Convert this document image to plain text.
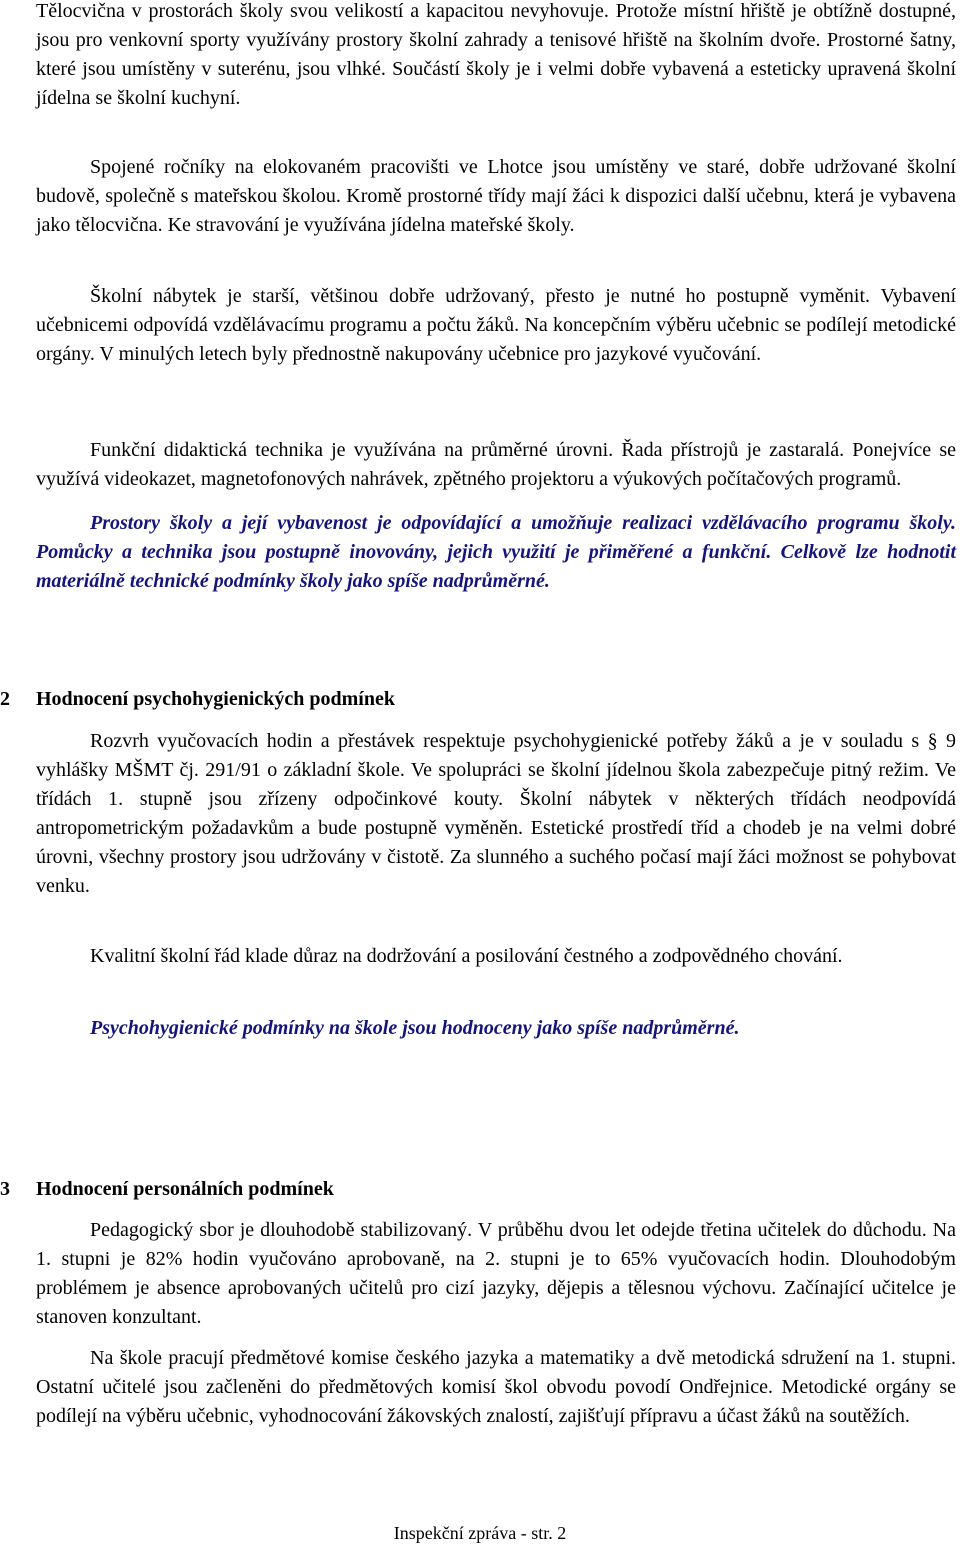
Tělocvična v prostorách školy svou velikostí a kapacitou nevyhovuje. Protože místní hřiště je obtížně dostupné, jsou pro venkovní sporty využívány prostory školní zahrady a tenisové hřiště na školním dvoře. Prostorné šatny, které jsou umístěny v suterénu, jsou vlhké. Součástí školy je i velmi dobře vybavená a esteticky upravená školní jídelna se školní kuchyní.

Spojené ročníky na elokovaném pracovišti ve Lhotce jsou umístěny ve staré, dobře udržované školní budově, společně s mateřskou školou. Kromě prostorné třídy mají žáci k dispozici další učebnu, která je vybavena jako tělocvična. Ke stravování je využívána jídelna mateřské školy.

Školní nábytek je starší, většinou dobře udržovaný, přesto je nutné ho postupně vyměnit. Vybavení učebnicemi odpovídá vzdělávacímu programu a počtu žáků. Na koncepčním výběru učebnic se podílejí metodické orgány. V minulých letech byly přednostně nakupovány učebnice pro jazykové vyučování.

Funkční didaktická technika je využívána na průměrné úrovni. Řada přístrojů je zastaralá. Ponejvíce se využívá videokazet, magnetofonových nahrávek, zpětného projektoru a výukových počítačových programů.

Prostory školy a její vybavenost je odpovídající a umožňuje realizaci vzdělávacího programu školy. Pomůcky a technika jsou postupně inovovány, jejich využití je přiměřené a funkční. Celkově lze hodnotit materiálně technické podmínky školy jako spíše nadprůměrné.

2 Hodnocení psychohygienických podmínek

Rozvrh vyučovacích hodin a přestávek respektuje psychohygienické potřeby žáků a je v souladu s § 9 vyhlášky MŠMT čj. 291/91 o základní škole. Ve spolupráci se školní jídelnou škola zabezpečuje pitný režim. Ve třídách 1. stupně jsou zřízeny odpočinkové kouty. Školní nábytek v některých třídách neodpovídá antropometrickým požadavkům a bude postupně vyměněn. Estetické prostředí tříd a chodeb je na velmi dobré úrovni, všechny prostory jsou udržovány v čistotě. Za slunného a suchého počasí mají žáci možnost se pohybovat venku.

Kvalitní školní řád klade důraz na dodržování a posilování čestného a zodpovědného chování.

Psychohygienické podmínky na škole jsou hodnoceny jako spíše nadprůměrné.

3 Hodnocení personálních podmínek

Pedagogický sbor je dlouhodobě stabilizovaný. V průběhu dvou let odejde třetina učitelek do důchodu. Na 1. stupni je 82% hodin vyučováno aprobovaně, na 2. stupni je to 65% vyučovacích hodin. Dlouhodobým problémem je absence aprobovaných učitelů pro cizí jazyky, dějepis a tělesnou výchovu. Začínající učitelce je stanoven konzultant.

Na škole pracují předmětové komise českého jazyka a matematiky a dvě metodická sdružení na 1. stupni. Ostatní učitelé jsou začleněni do předmětových komisí škol obvodu povodí Ondřejnice. Metodické orgány se podílejí na výběru učebnic, vyhodnocování žákovských znalostí, zajišťují přípravu a účast žáků na soutěžích.

Inspekční zpráva - str. 2
